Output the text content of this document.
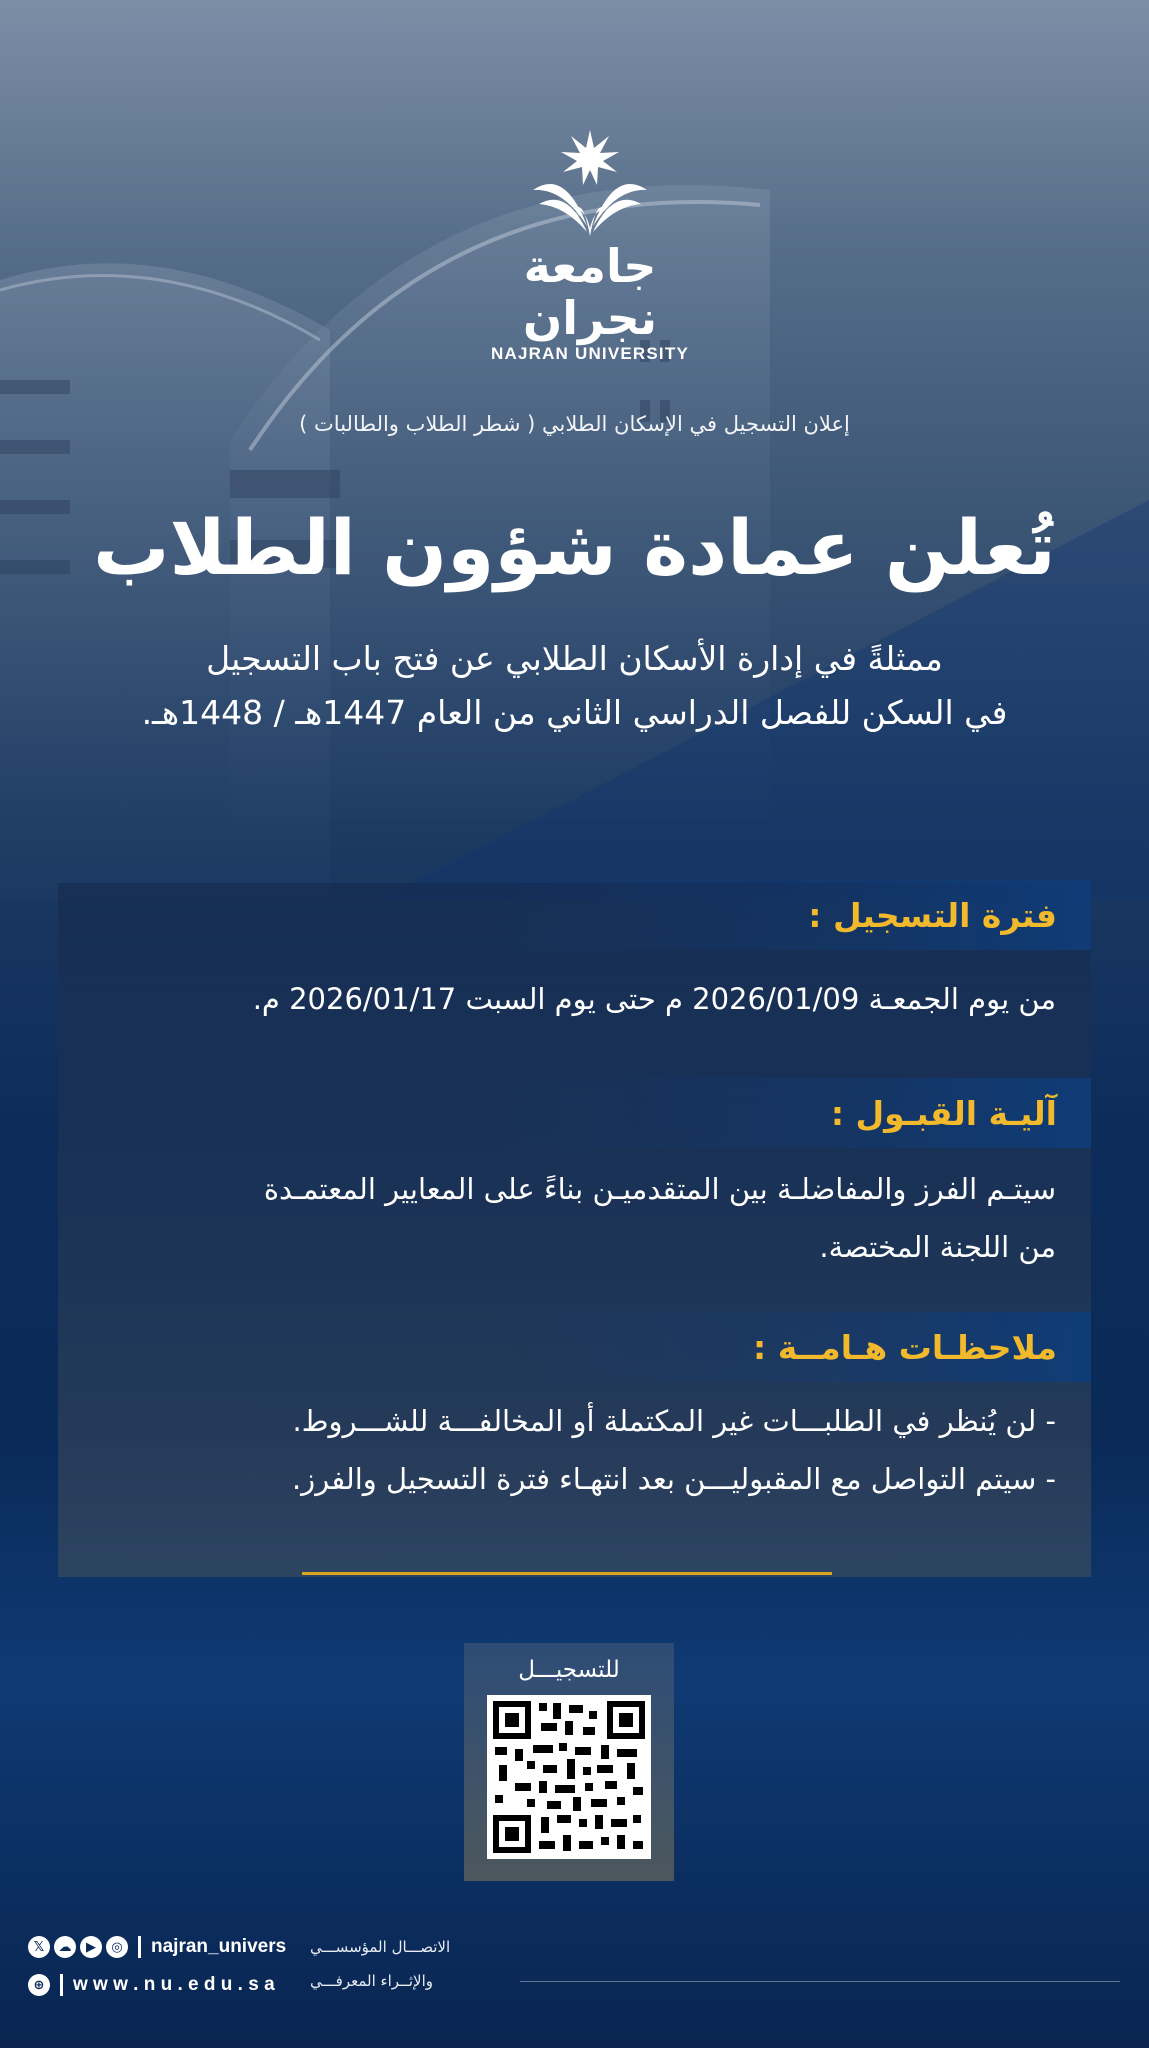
جامعة نجران
NAJRAN UNIVERSITY
إعلان التسجيل في الإسكان الطلابي ( شطر الطلاب والطالبات )
تُعلن عمادة شؤون الطلاب
ممثلةً في إدارة الأسكان الطلابي عن فتح باب التسجيل
في السكن للفصل الدراسي الثاني من العام 1447هـ / 1448هـ.
فترة التسجيل :
من يوم الجمعـة 2026/01/09 م حتى يوم السبت 2026/01/17 م.
آليـة القبـول :
سيتـم الفرز والمفاضلـة بين المتقدميـن بناءً على المعايير المعتمـدة
من اللجنة المختصة.
ملاحظـات هـامــة :
- لن يُنظر في الطلبـــات غير المكتملة أو المخالفـــة للشـــروط.
- سيتم التواصل مع المقبوليـــن بعد انتهـاء فترة التسجيل والفرز.
للتسجيـــل
𝕏	☁	▶	◎ najran_univers
⊕ w w w . n u . e d u . s a
الاتصـــال المؤسســـي
والإثــراء المعرفـــي
